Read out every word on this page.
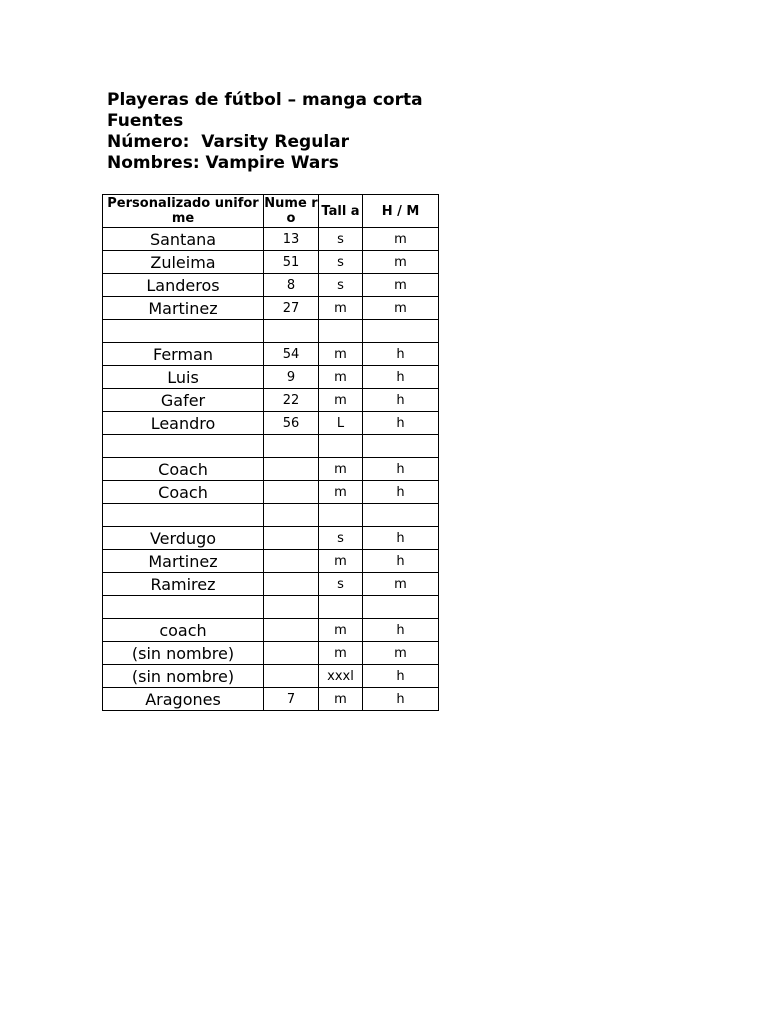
Playeras de fútbol – manga corta
Fuentes
Número:  Varsity Regular
Nombres: Vampire Wars
Personalizado uniforme	Nume ro	Tall a	H / M
Santana	13	s	m
Zuleima	51	s	m
Landeros	8	s	m
Martinez	27	m	m

Ferman	54	m	h
Luis	9	m	h
Gafer	22	m	h
Leandro	56	L	h

Coach		m	h
Coach		m	h

Verdugo		s	h
Martinez		m	h
Ramirez		s	m

coach		m	h
(sin nombre)		m	m
(sin nombre)		xxxl	h
Aragones	7	m	h
